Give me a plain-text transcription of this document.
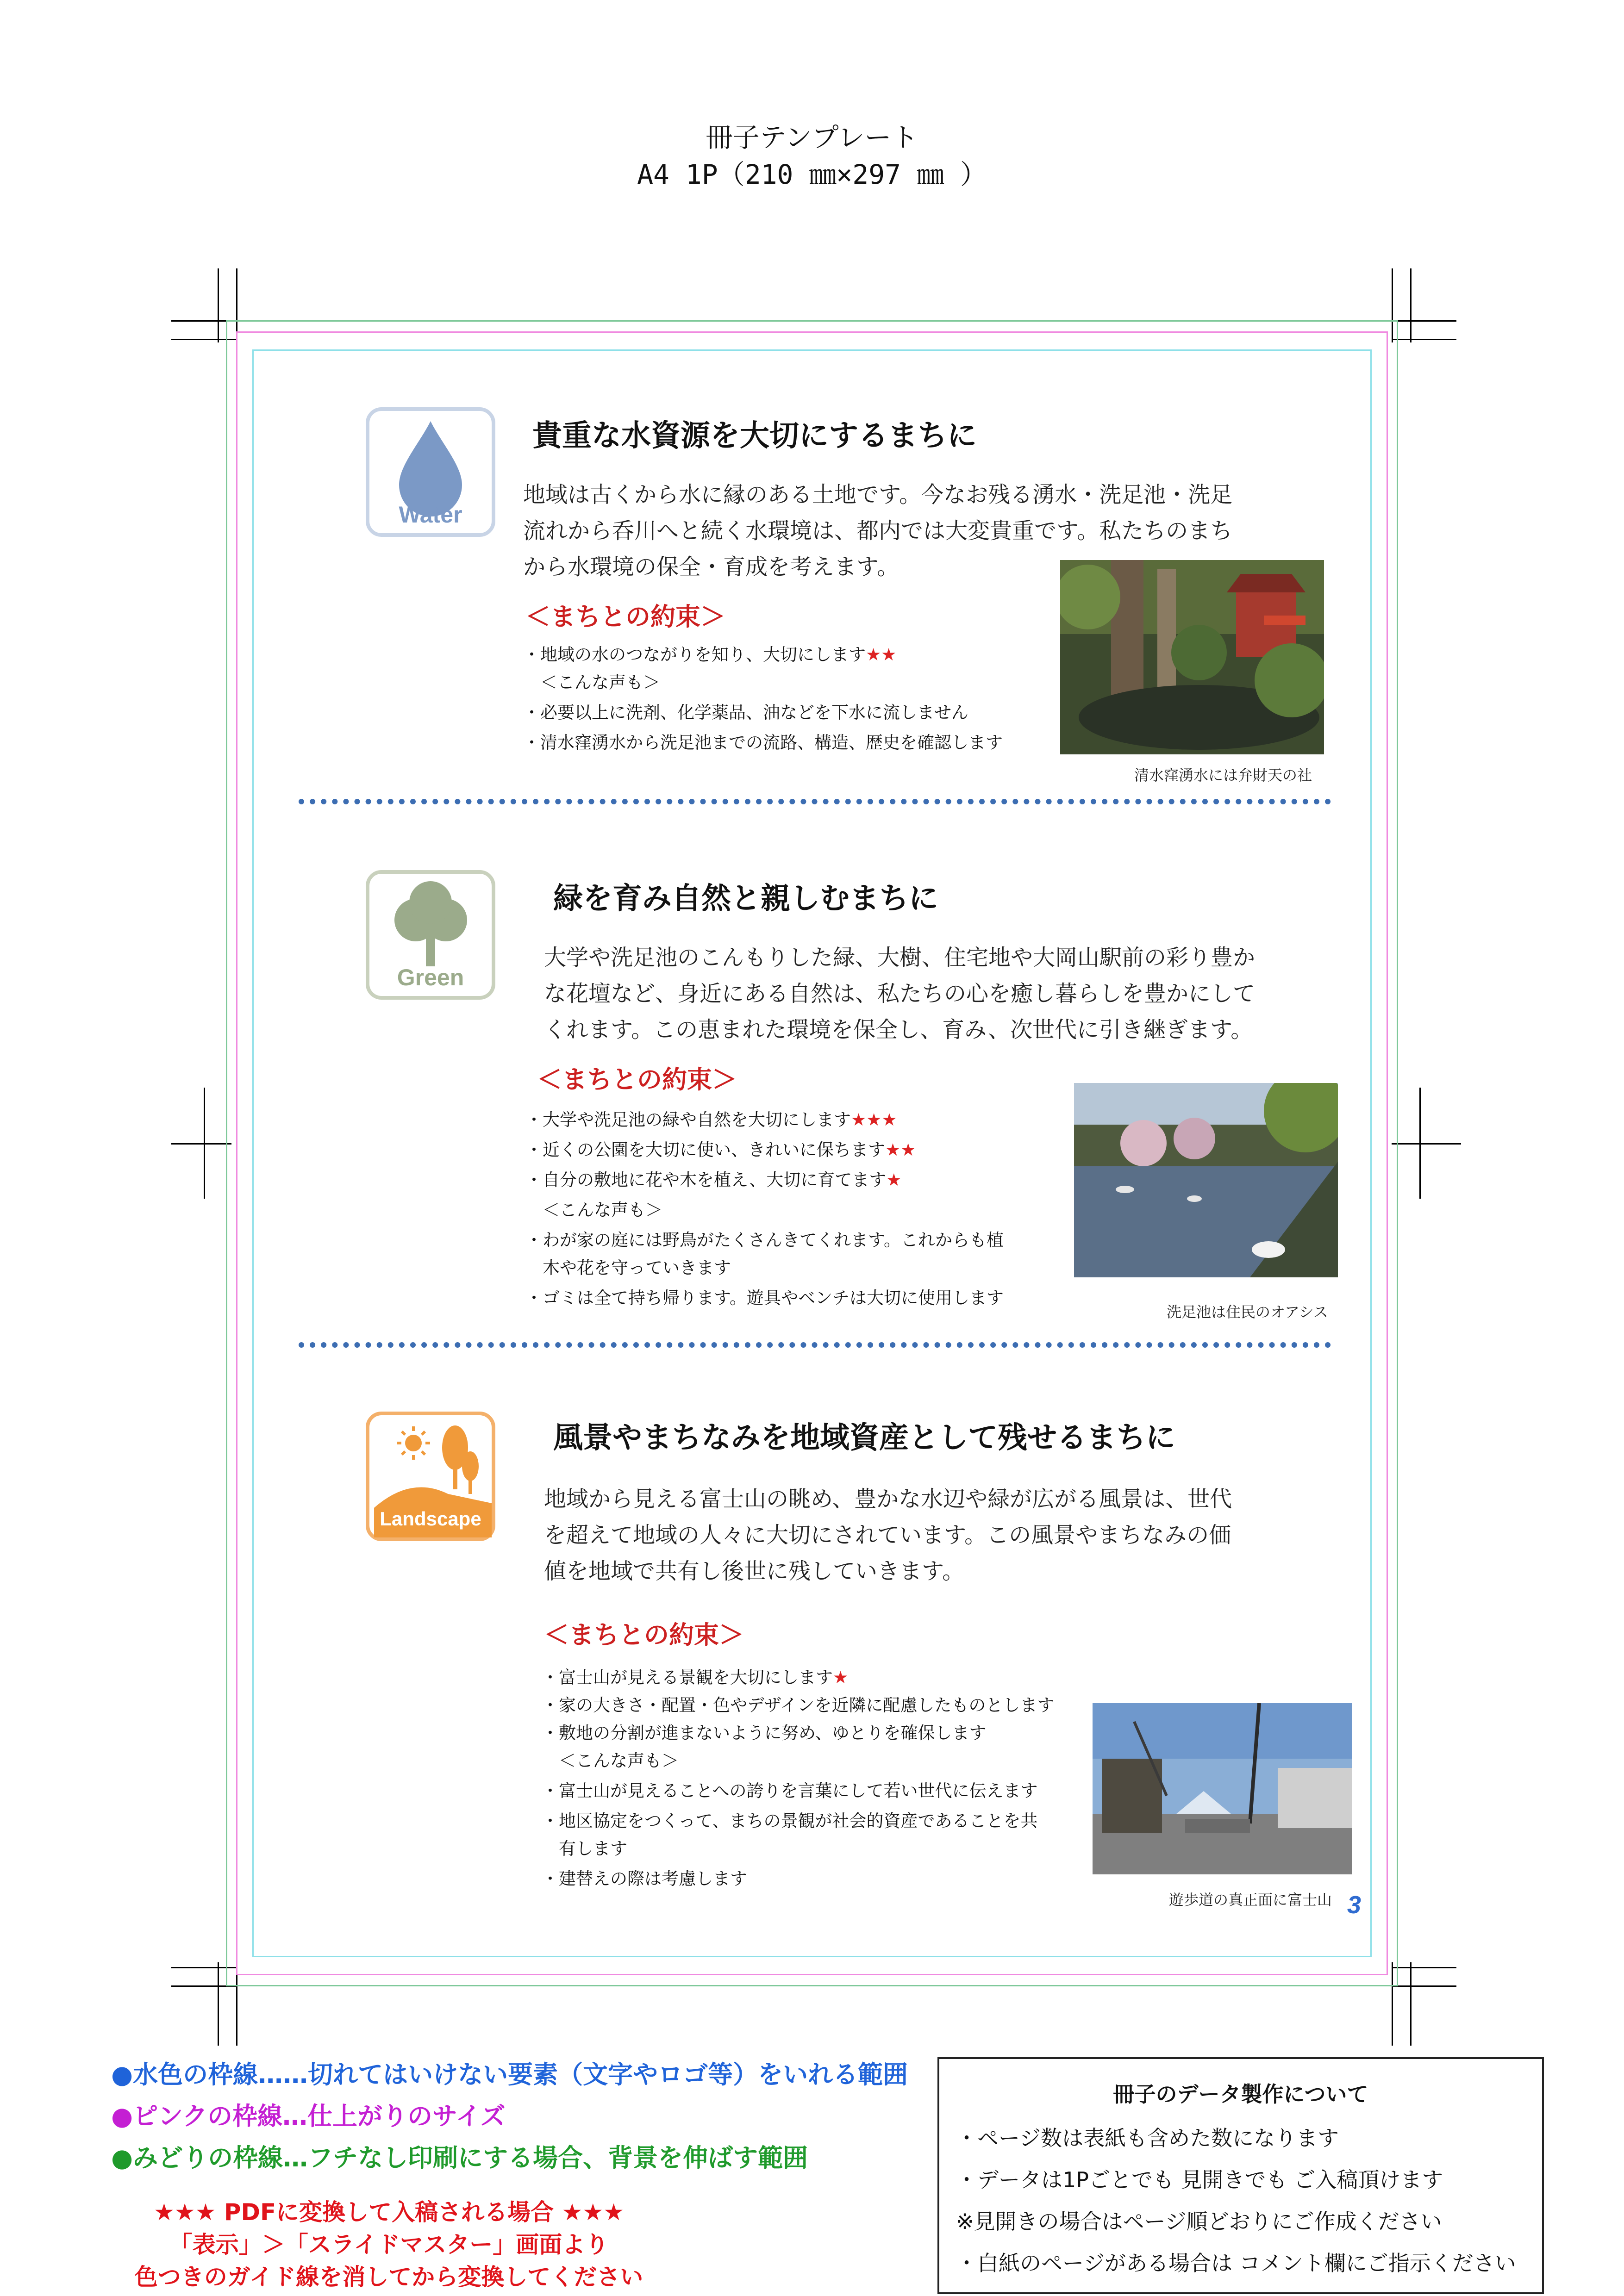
冊子テンプレート
A4 1P（210 ㎜×297 ㎜ ）
Water
貴重な水資源を大切にするまちに
地域は古くから水に縁のある土地です。今なお残る湧水・洗足池・洗足
流れから呑川へと続く水環境は、都内では大変貴重です。私たちのまち
から水環境の保全・育成を考えます。
＜まちとの約束＞
・地域の水のつながりを知り、大切にします★★
　＜こんな声も＞
・必要以上に洗剤、化学薬品、油などを下水に流しません
・清水窪湧水から洗足池までの流路、構造、歴史を確認します
清水窪湧水には弁財天の社
Green
緑を育み自然と親しむまちに
大学や洗足池のこんもりした緑、大樹、住宅地や大岡山駅前の彩り豊か
な花壇など、身近にある自然は、私たちの心を癒し暮らしを豊かにして
くれます。この恵まれた環境を保全し、育み、次世代に引き継ぎます。
＜まちとの約束＞
・大学や洗足池の緑や自然を大切にします★★★
・近くの公園を大切に使い、きれいに保ちます★★
・自分の敷地に花や木を植え、大切に育てます★
　＜こんな声も＞
・わが家の庭には野鳥がたくさんきてくれます。これからも植
　木や花を守っていきます
・ゴミは全て持ち帰ります。遊具やベンチは大切に使用します
洗足池は住民のオアシス
Landscape
風景やまちなみを地域資産として残せるまちに
地域から見える富士山の眺め、豊かな水辺や緑が広がる風景は、世代
を超えて地域の人々に大切にされています。この風景やまちなみの価
値を地域で共有し後世に残していきます。
＜まちとの約束＞
・富士山が見える景観を大切にします★
・家の大きさ・配置・色やデザインを近隣に配慮したものとします
・敷地の分割が進まないように努め、ゆとりを確保します
　＜こんな声も＞
・富士山が見えることへの誇りを言葉にして若い世代に伝えます
・地区協定をつくって、まちの景観が社会的資産であることを共
　有します
・建替えの際は考慮します
遊歩道の真正面に富士山 3
●水色の枠線……切れてはいけない要素（文字やロゴ等）をいれる範囲
●ピンクの枠線…仕上がりのサイズ
●みどりの枠線…フチなし印刷にする場合、背景を伸ばす範囲
★★★ PDFに変換して入稿される場合 ★★★
「表示」＞「スライドマスター」画面より
色つきのガイド線を消してから変換してください
冊子のデータ製作について
・ページ数は表紙も含めた数になります
・データは1Pごとでも 見開きでも ご入稿頂けます
※見開きの場合はページ順どおりにご作成ください
・白紙のページがある場合は コメント欄にご指示ください
